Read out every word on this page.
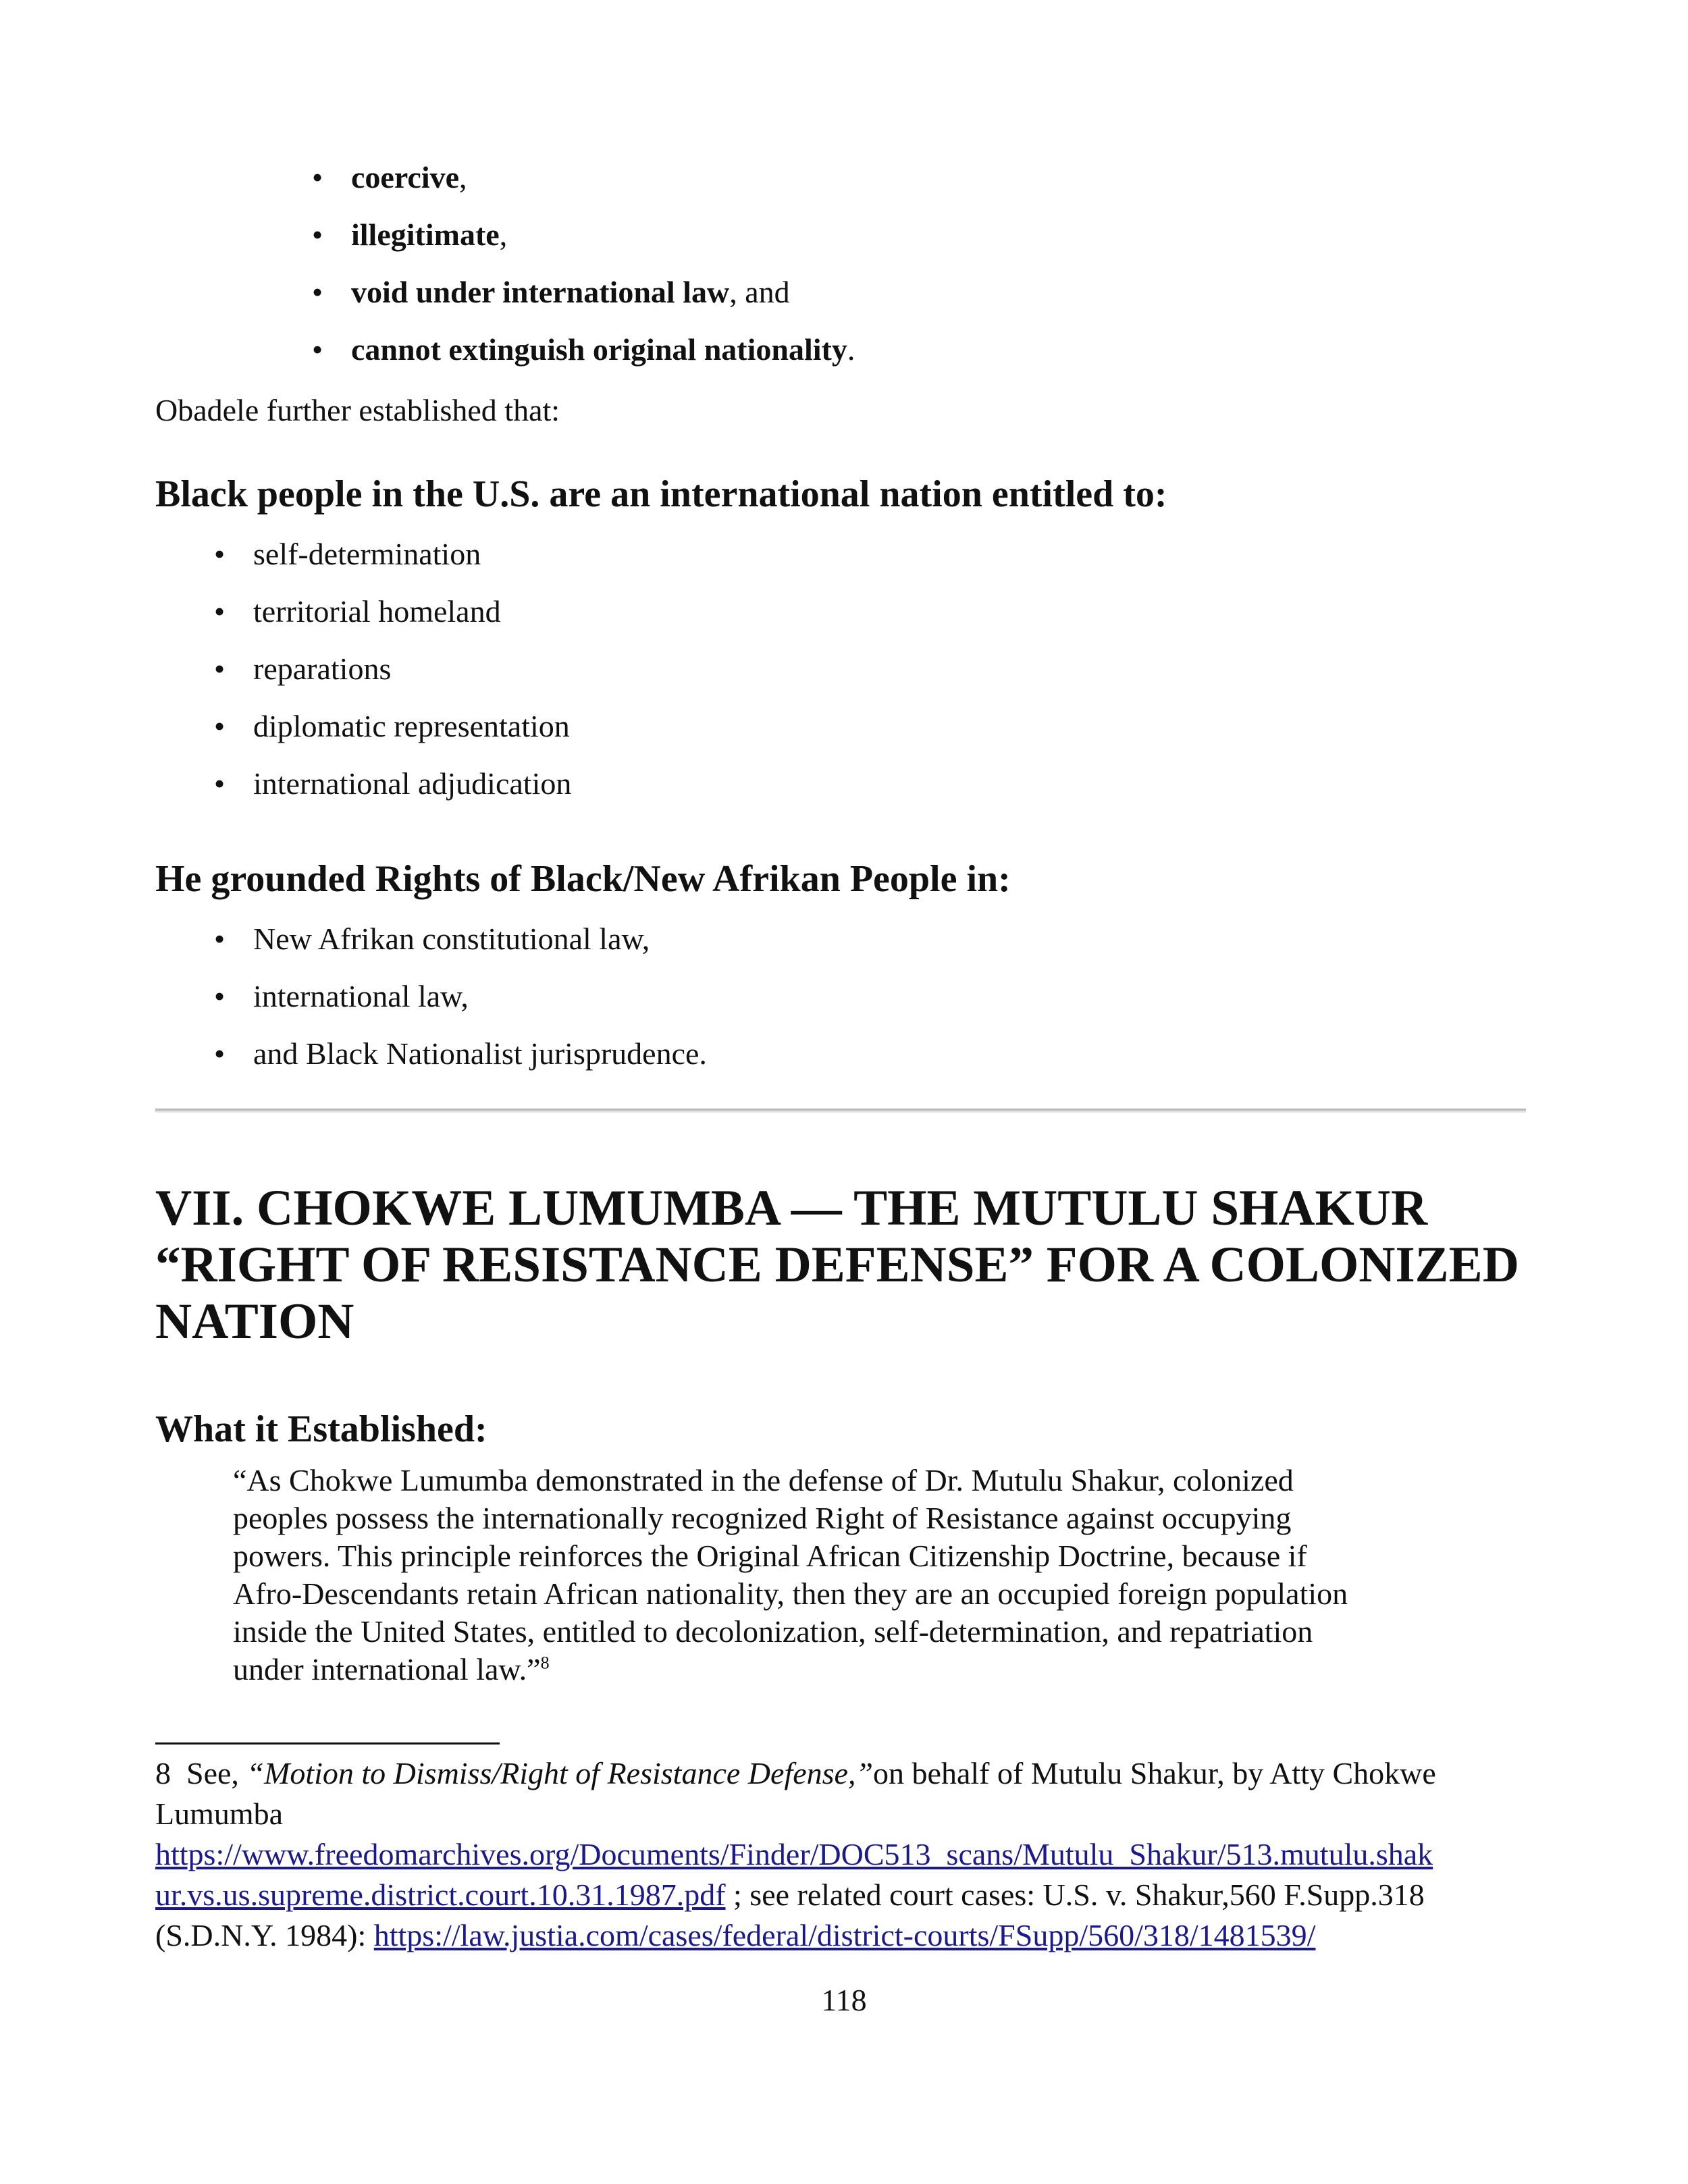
• coercive,
• illegitimate,
• void under international law, and
• cannot extinguish original nationality.
Obadele further established that:
Black people in the U.S. are an international nation entitled to:
• self-determination
• territorial homeland
• reparations
• diplomatic representation
• international adjudication
He grounded Rights of Black/New Afrikan People in:
• New Afrikan constitutional law,
• international law,
• and Black Nationalist jurisprudence.
VII. CHOKWE LUMUMBA — THE MUTULU SHAKUR
“RIGHT OF RESISTANCE DEFENSE” FOR A COLONIZED
NATION
What it Established:
“As Chokwe Lumumba demonstrated in the defense of Dr. Mutulu Shakur, colonized
peoples possess the internationally recognized Right of Resistance against occupying
powers. This principle reinforces the Original African Citizenship Doctrine, because if
Afro-Descendants retain African nationality, then they are an occupied foreign population
inside the United States, entitled to decolonization, self-determination, and repatriation
under international law.”$^8$
8 See, “Motion to Dismiss/Right of Resistance Defense,”on behalf of Mutulu Shakur, by Atty Chokwe
Lumumba
https://www.freedomarchives.org/Documents/Finder/DOC513_scans/Mutulu_Shakur/513.mutulu.shak
ur.vs.us.supreme.district.court.10.31.1987.pdf ; see related court cases: U.S. v. Shakur,560 F.Supp.318
(S.D.N.Y. 1984): https://law.justia.com/cases/federal/district-courts/FSupp/560/318/1481539/
118
